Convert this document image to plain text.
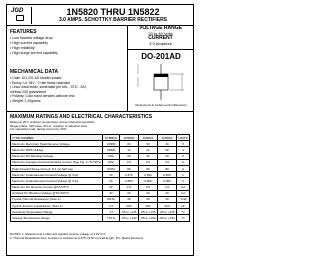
JGD	1N5820 THRU 1N5822
3.0 AMPS. SCHOTTKY BARRIER RECTIFIERS
VOLTAGE RANGE
20 to 40 Volts
CURRENT
3.0 Amperes
DO-201AD
Dimensions in inches and (millimeters)
FEATURES
• Low forward voltage drop
• High current capability
• High reliability
• High surge current capability
MECHANICAL DATA
• Case: DO-201 AD Molded plastic
• Epoxy: UL 94V - 0 rate flame retardant
• Lead: Axial leads, solderable per MIL - STD - 202,
method 208 guaranteed
• Polarity: Color band denotes cathode end
• Weight: 1.10grams
MAXIMUM RATINGS AND ELECTRICAL CHARACTERISTICS
Rating at 25°C ambient temperature unless otherwise specified.
Single phase, half wave, 60 Hz, resistive or inductive load.
For capacitive load, derate current by 20%.
TYPE NUMBER	SYMBOL	1N5820	1N5821	1N5822	UNITS
Maximum Recurrent Peak Reverse Voltage	VRRM	20	30	40	V
Maximum RMS Voltage	VRMS	14	21	28	V
Maximum DC Blocking Voltage	VDC	20	30	40	V
Maximum Average Forward Rectified Current (See Fig. 1) TL=95°C	I(AV)	3.0	3.0	3.0	A
Peak Forward Surge Current, 8.3 ms half sine	IFSM	80	80	80	A
Maximum Instantaneous Forward Voltage @ 3.0A	VF	0.475	0.500	0.525	V
Maximum Instantaneous Forward Voltage @ 9.4A	VF	0.850	0.900	0.950	V
Maximum DC Reverse Current @TA=25°C	IR	2.0	2.0	2.0	mA
at Rated DC Blocking Voltage @TA=100°C	IR	20	20	20	mA
Typical Thermal Resistance (Note 2)	RθJA	40	40	40	°C/W
Typical Junction Capacitance (Note 1)	CJ	200	200	200	pF
Operating Temperature Range	TJ	-65 to +125	-65 to +125	-65 to +125	°C
Storage Temperature Range	TSTG	-65 to +150	-65 to +150	-65 to +150	°C
NOTES: 1. Measured at 1 MHz and applied reverse voltage of 4.0V D.C.
2. Thermal Resistance from Junction to Ambient at 0.375" (9.5mm) lead length, P.C. Board Mounted.
